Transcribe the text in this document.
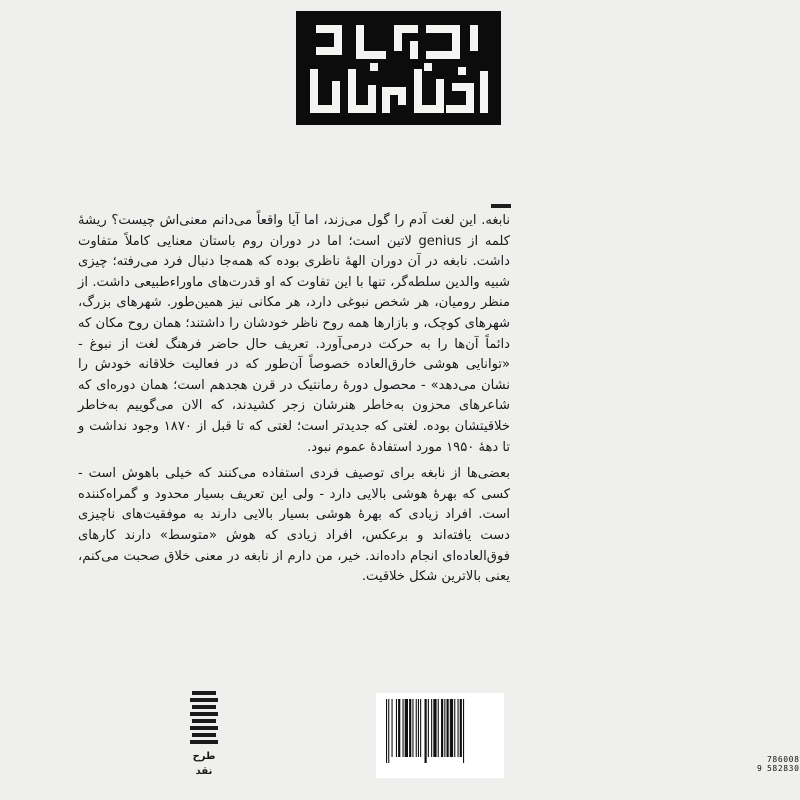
نابغه. این لغت آدم را گول می‌زند، اما آیا واقعاً می‌دانم معنی‌اش چیست؟ ریشهٔ کلمه از genius لاتین است؛ اما در دوران روم باستان معنایی کاملاً متفاوت داشت. نابغه در آن دوران الههٔ ناظری بوده که همه‌جا دنبال فرد می‌رفته؛ چیزی شبیه والدین سلطه‌گر، تنها با این تفاوت که او قدرت‌های ماوراءطبیعی داشت. از منظر رومیان، هر شخص نبوغی دارد، هر مکانی نیز همین‌طور. شهرهای بزرگ، شهرهای کوچک، و بازارها همه روح ناظر خودشان را داشتند؛ همان روح مکان که دائماً آن‌ها را به حرکت درمی‌آورد. تعریف حال حاضر فرهنگ لغت از نبوغ - «توانایی هوشی خارق‌العاده خصوصاً آن‌طور که در فعالیت خلاقانه خودش را نشان می‌دهد» - محصول دورهٔ رمانتیک در قرن هجدهم است؛ همان دوره‌ای که شاعرهای محزون به‌خاطر هنرشان زجر کشیدند، که الان می‌گوییم به‌خاطر خلاقیتشان بوده. لغتی که جدیدتر است؛ لغتی که تا قبل از ۱۸۷۰ وجود نداشت و تا دههٔ ۱۹۵۰ مورد استفادهٔ عموم نبود.

بعضی‌ها از نابغه برای توصیف فردی استفاده می‌کنند که خیلی باهوش است - کسی که بهرهٔ هوشی بالایی دارد - ولی این تعریف بسیار محدود و گمراه‌کننده است. افراد زیادی که بهرهٔ هوشی بسیار بالایی دارند به موفقیت‌های ناچیزی دست یافته‌اند و برعکس، افراد زیادی که هوش «متوسط» دارند کارهای فوق‌العاده‌ای انجام داده‌اند. خیر، من دارم از نابغه در معنی خلاق صحبت می‌کنم، یعنی بالاترین شکل خلاقیت.

طرح
نقد	9
786008 582830
